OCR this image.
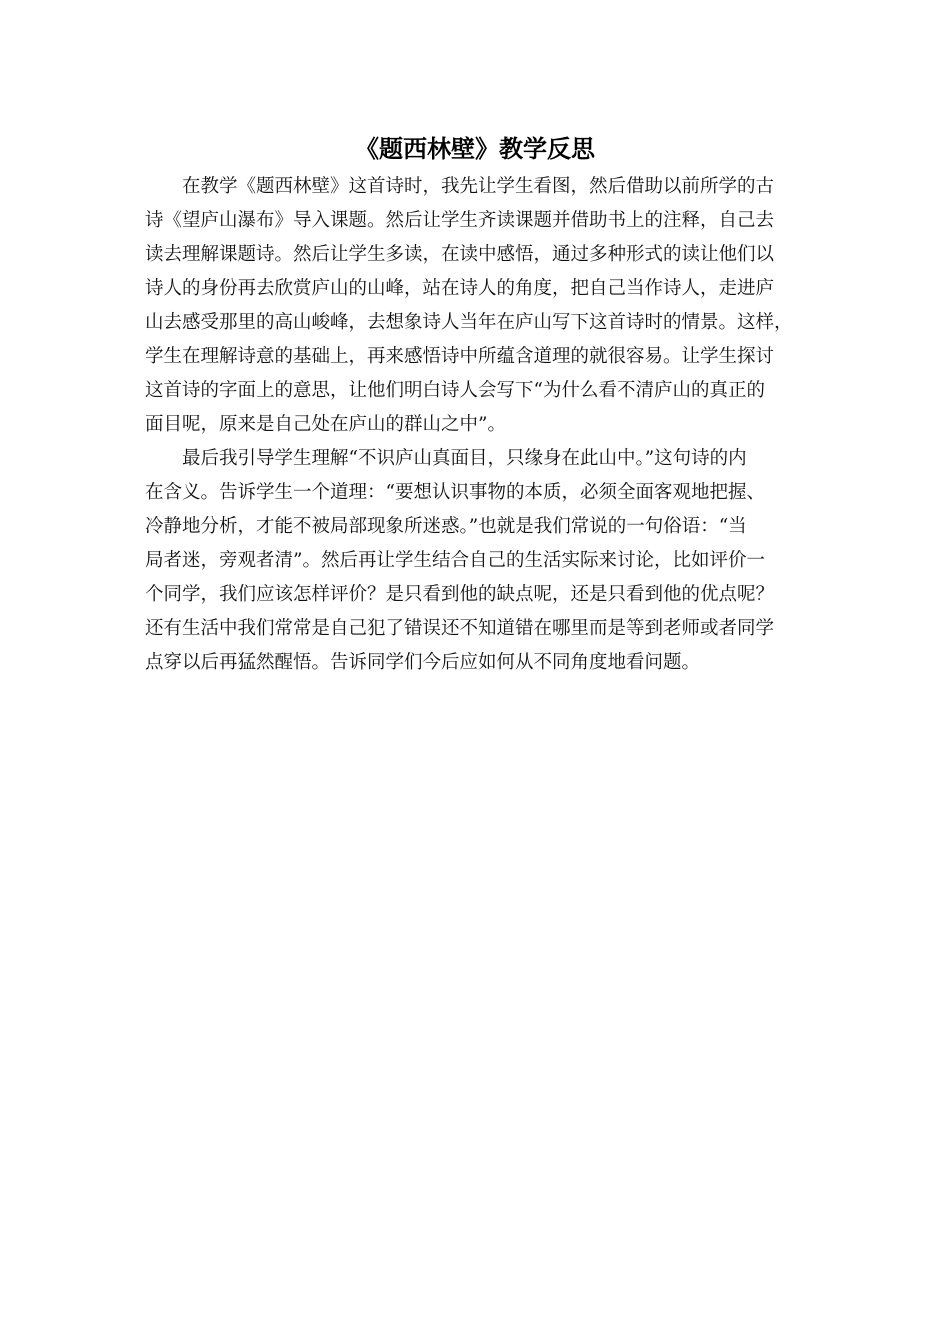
《题西林壁》教学反思

在教学《题西林壁》这首诗时，我先让学生看图，然后借助以前所学的古
诗《望庐山瀑布》导入课题。然后让学生齐读课题并借助书上的注释，自己去
读去理解课题诗。然后让学生多读，在读中感悟，通过多种形式的读让他们以
诗人的身份再去欣赏庐山的山峰，站在诗人的角度，把自己当作诗人，走进庐
山去感受那里的高山峻峰，去想象诗人当年在庐山写下这首诗时的情景。这样，
学生在理解诗意的基础上，再来感悟诗中所蕴含道理的就很容易。让学生探讨
这首诗的字面上的意思，让他们明白诗人会写下“为什么看不清庐山的真正的
面目呢，原来是自己处在庐山的群山之中”。

最后我引导学生理解“不识庐山真面目，只缘身在此山中。”这句诗的内
在含义。告诉学生一个道理：“要想认识事物的本质，必须全面客观地把握、
冷静地分析，才能不被局部现象所迷惑。”也就是我们常说的一句俗语：“当
局者迷，旁观者清”。然后再让学生结合自己的生活实际来讨论，比如评价一
个同学，我们应该怎样评价？是只看到他的缺点呢，还是只看到他的优点呢？
还有生活中我们常常是自己犯了错误还不知道错在哪里而是等到老师或者同学
点穿以后再猛然醒悟。告诉同学们今后应如何从不同角度地看问题。
